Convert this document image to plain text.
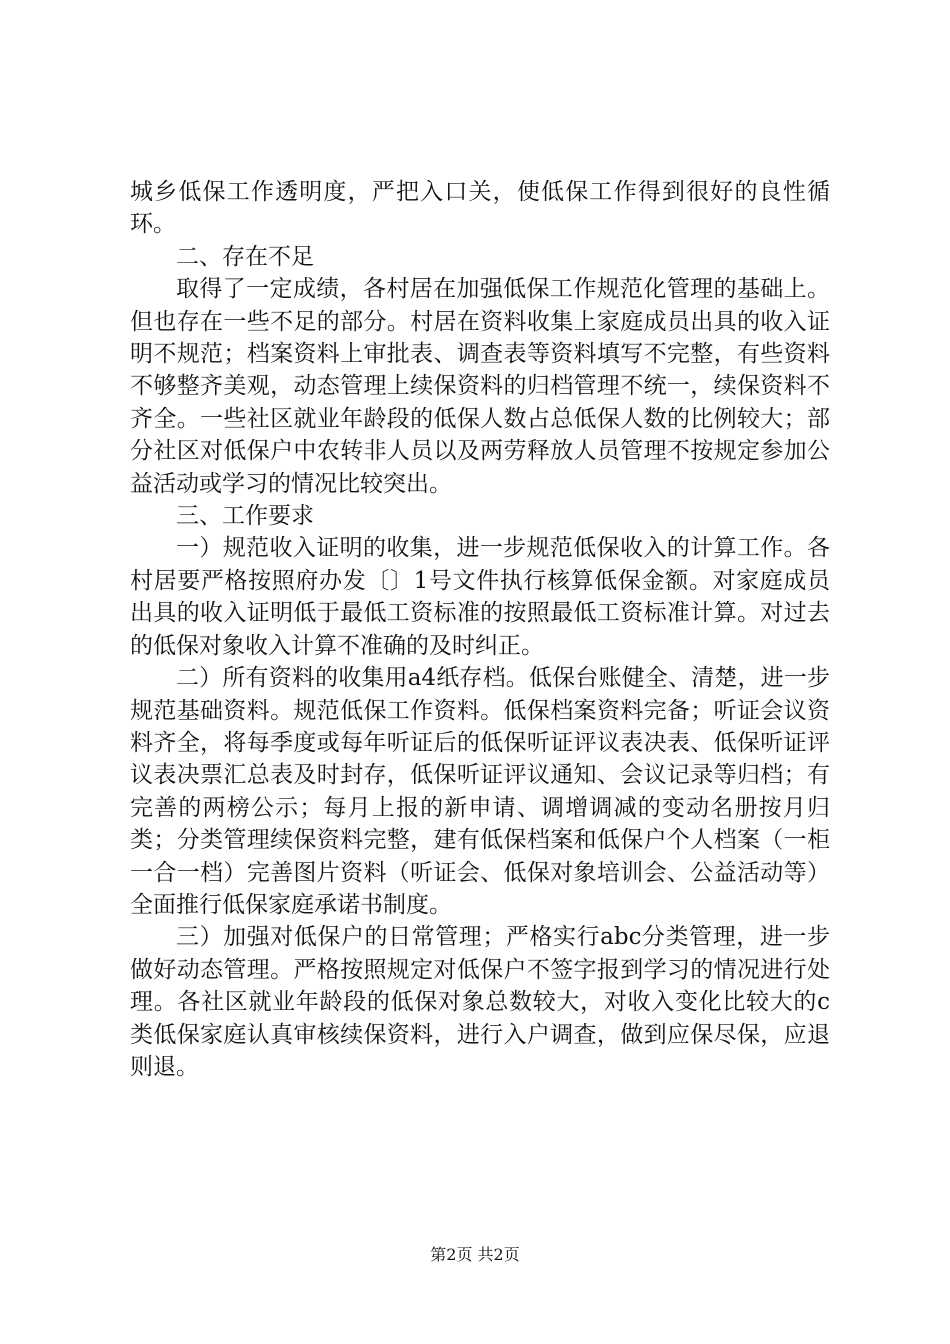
城乡低保工作透明度，严把入口关，使低保工作得到很好的良性循环。

二、存在不足

取得了一定成绩，各村居在加强低保工作规范化管理的基础上。但也存在一些不足的部分。村居在资料收集上家庭成员出具的收入证明不规范；档案资料上审批表、调查表等资料填写不完整，有些资料不够整齐美观，动态管理上续保资料的归档管理不统一，续保资料不齐全。一些社区就业年龄段的低保人数占总低保人数的比例较大；部分社区对低保户中农转非人员以及两劳释放人员管理不按规定参加公益活动或学习的情况比较突出。

三、工作要求

一）规范收入证明的收集，进一步规范低保收入的计算工作。各村居要严格按照府办发〔〕1号文件执行核算低保金额。对家庭成员出具的收入证明低于最低工资标准的按照最低工资标准计算。对过去的低保对象收入计算不准确的及时纠正。

二）所有资料的收集用a4纸存档。低保台账健全、清楚，进一步规范基础资料。规范低保工作资料。低保档案资料完备；听证会议资料齐全，将每季度或每年听证后的低保听证评议表决表、低保听证评议表决票汇总表及时封存，低保听证评议通知、会议记录等归档；有完善的两榜公示；每月上报的新申请、调增调减的变动名册按月归类；分类管理续保资料完整，建有低保档案和低保户个人档案（一柜一合一档）完善图片资料（听证会、低保对象培训会、公益活动等）全面推行低保家庭承诺书制度。

三）加强对低保户的日常管理；严格实行abc分类管理，进一步做好动态管理。严格按照规定对低保户不签字报到学习的情况进行处理。各社区就业年龄段的低保对象总数较大，对收入变化比较大的c类低保家庭认真审核续保资料，进行入户调查，做到应保尽保，应退则退。

第2页 共2页
